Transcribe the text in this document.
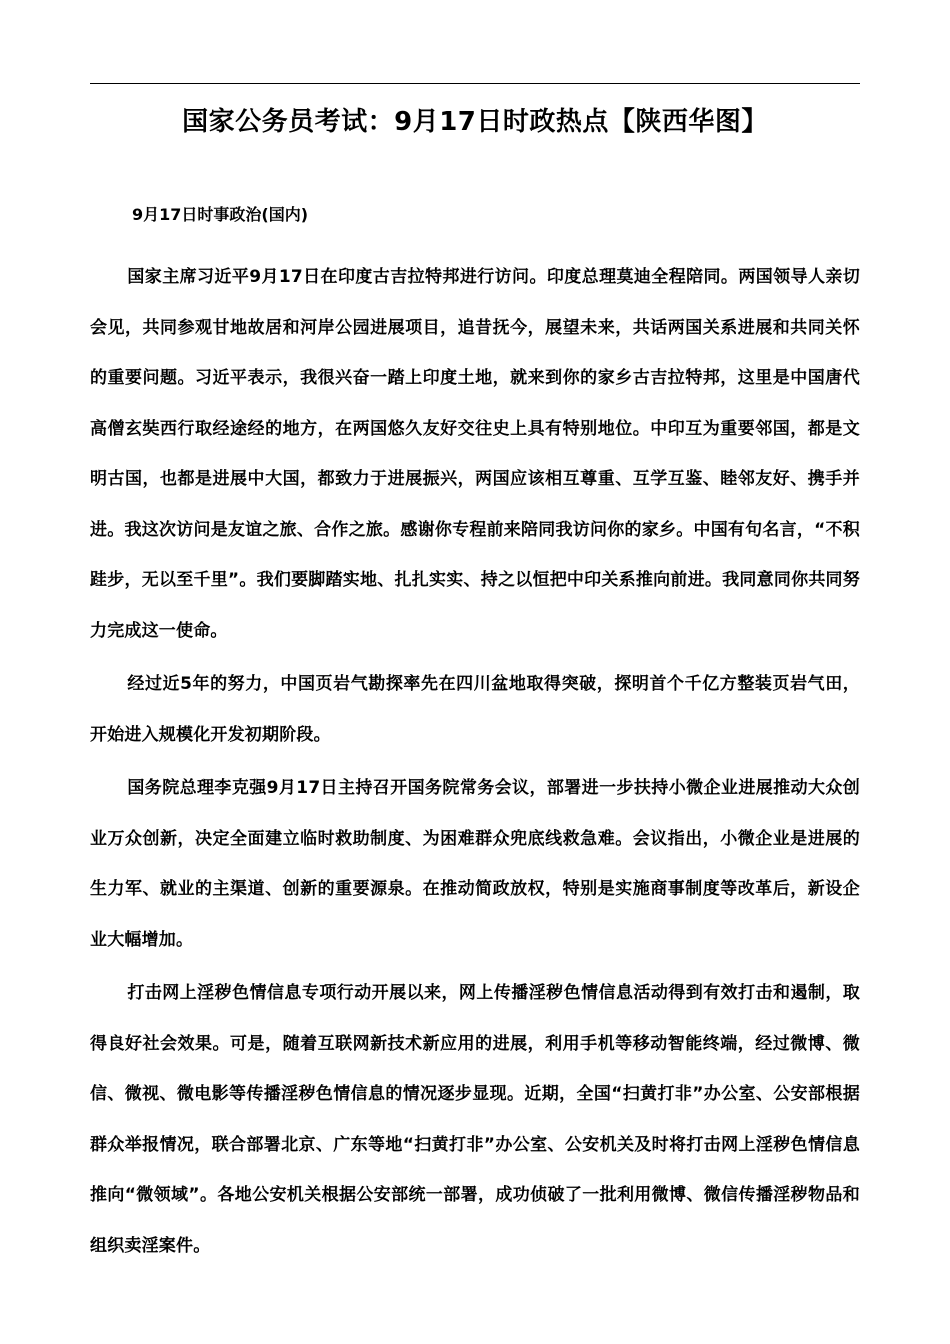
国家公务员考试：9月17日时政热点【陕西华图】

9月17日时事政治(国内)

国家主席习近平9月17日在印度古吉拉特邦进行访问。印度总理莫迪全程陪同。两国领导人亲切会见，共同参观甘地故居和河岸公园进展项目，追昔抚今，展望未来，共话两国关系进展和共同关怀的重要问题。习近平表示，我很兴奋一踏上印度土地，就来到你的家乡古吉拉特邦，这里是中国唐代高僧玄奘西行取经途经的地方，在两国悠久友好交往史上具有特别地位。中印互为重要邻国，都是文明古国，也都是进展中大国，都致力于进展振兴，两国应该相互尊重、互学互鉴、睦邻友好、携手并进。我这次访问是友谊之旅、合作之旅。感谢你专程前来陪同我访问你的家乡。中国有句名言，“不积跬步，无以至千里”。我们要脚踏实地、扎扎实实、持之以恒把中印关系推向前进。我同意同你共同努力完成这一使命。

经过近5年的努力，中国页岩气勘探率先在四川盆地取得突破，探明首个千亿方整装页岩气田，开始进入规模化开发初期阶段。

国务院总理李克强9月17日主持召开国务院常务会议，部署进一步扶持小微企业进展推动大众创业万众创新，决定全面建立临时救助制度、为困难群众兜底线救急难。会议指出，小微企业是进展的生力军、就业的主渠道、创新的重要源泉。在推动简政放权，特别是实施商事制度等改革后，新设企业大幅增加。

打击网上淫秽色情信息专项行动开展以来，网上传播淫秽色情信息活动得到有效打击和遏制，取得良好社会效果。可是，随着互联网新技术新应用的进展，利用手机等移动智能终端，经过微博、微信、微视、微电影等传播淫秽色情信息的情况逐步显现。近期，全国“扫黄打非”办公室、公安部根据群众举报情况，联合部署北京、广东等地“扫黄打非”办公室、公安机关及时将打击网上淫秽色情信息推向“微领域”。各地公安机关根据公安部统一部署，成功侦破了一批利用微博、微信传播淫秽物品和组织卖淫案件。
